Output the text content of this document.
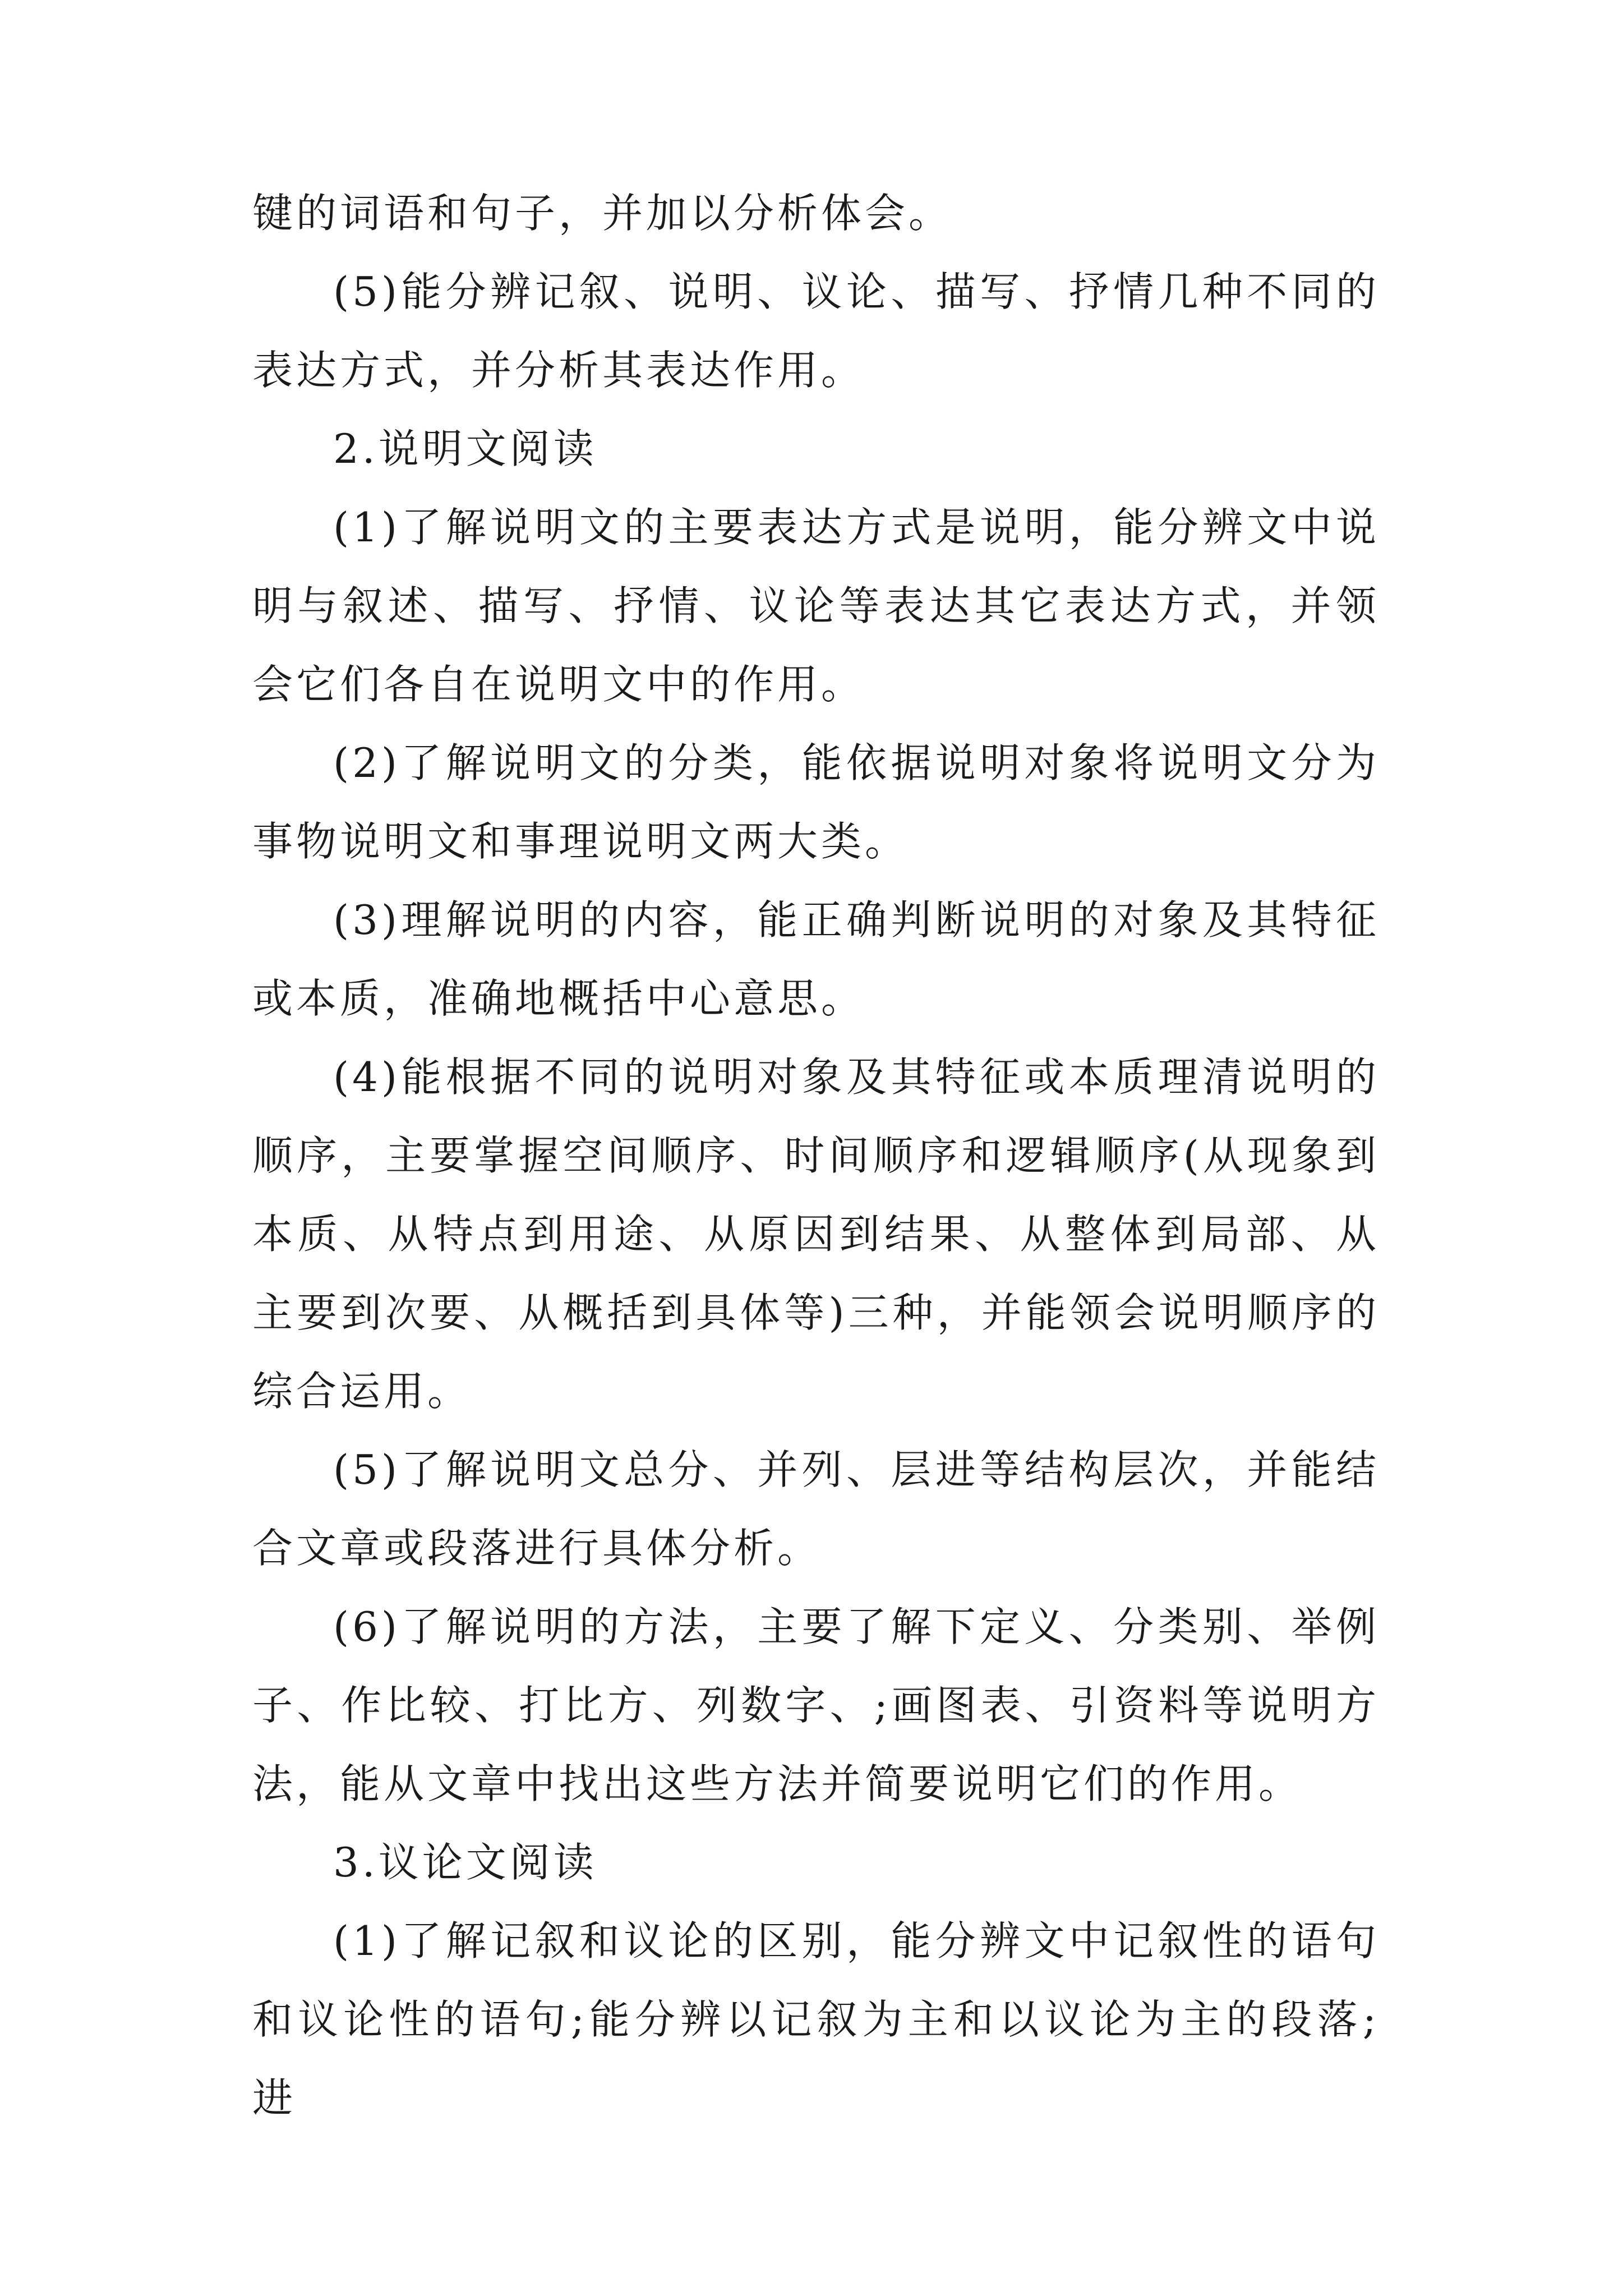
键的词语和句子，并加以分析体会。

(5)能分辨记叙、说明、议论、描写、抒情几种不同的表达方式，并分析其表达作用。

2.说明文阅读

(1)了解说明文的主要表达方式是说明，能分辨文中说明与叙述、描写、抒情、议论等表达其它表达方式，并领会它们各自在说明文中的作用。

(2)了解说明文的分类，能依据说明对象将说明文分为事物说明文和事理说明文两大类。

(3)理解说明的内容，能正确判断说明的对象及其特征或本质，准确地概括中心意思。

(4)能根据不同的说明对象及其特征或本质理清说明的顺序，主要掌握空间顺序、时间顺序和逻辑顺序(从现象到本质、从特点到用途、从原因到结果、从整体到局部、从主要到次要、从概括到具体等)三种，并能领会说明顺序的综合运用。

(5)了解说明文总分、并列、层进等结构层次，并能结合文章或段落进行具体分析。

(6)了解说明的方法，主要了解下定义、分类别、举例子、作比较、打比方、列数字、;画图表、引资料等说明方法，能从文章中找出这些方法并简要说明它们的作用。

3.议论文阅读

(1)了解记叙和议论的区别，能分辨文中记叙性的语句和议论性的语句;能分辨以记叙为主和以议论为主的段落;进
